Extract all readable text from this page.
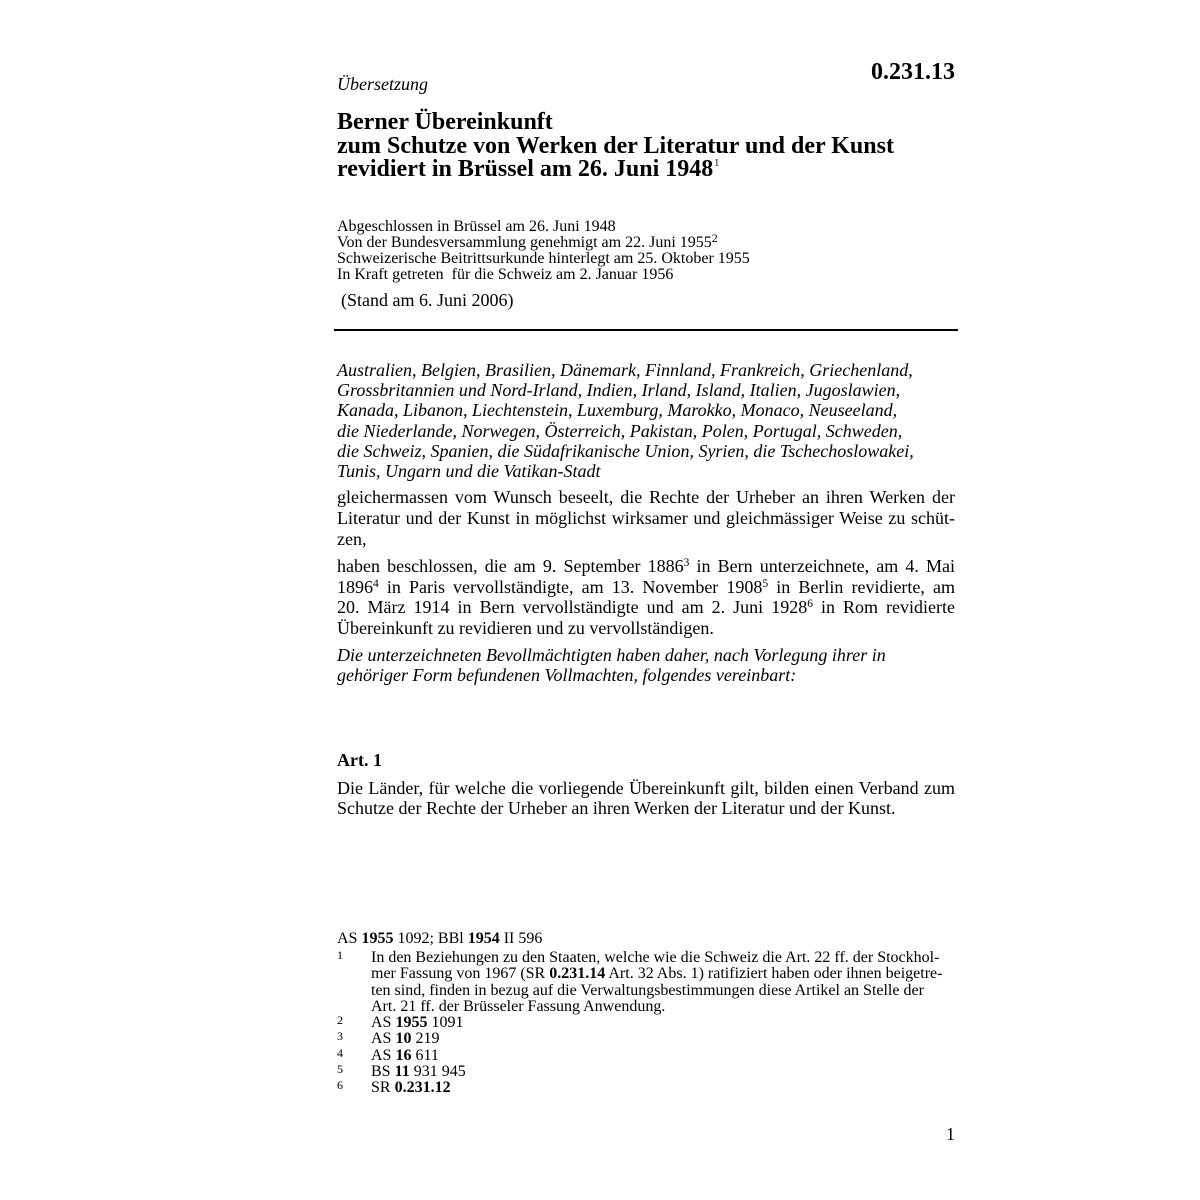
Übersetzung	0.231.13
Berner Übereinkunft
zum Schutze von Werken der Literatur und der Kunst
revidiert in Brüssel am 26. Juni 1948$^1$
Abgeschlossen in Brüssel am 26. Juni 1948
Von der Bundesversammlung genehmigt am 22. Juni 1955$^2$
Schweizerische Beitrittsurkunde hinterlegt am 25. Oktober 1955
In Kraft getreten  für die Schweiz am 2. Januar 1956
(Stand am 6. Juni 2006)
Australien, Belgien, Brasilien, Dänemark, Finnland, Frankreich, Griechenland,
Grossbritannien und Nord-Irland, Indien, Irland, Island, Italien, Jugoslawien,
Kanada, Libanon, Liechtenstein, Luxemburg, Marokko, Monaco, Neuseeland,
die Niederlande, Norwegen, Österreich, Pakistan, Polen, Portugal, Schweden,
die Schweiz, Spanien, die Südafrikanische Union, Syrien, die Tschechoslowakei,
Tunis, Ungarn und die Vatikan-Stadt
gleichermassen vom Wunsch beseelt, die Rechte der Urheber an ihren Werken der
Literatur und der Kunst in möglichst wirksamer und gleichmässiger Weise zu schüt-
zen,
haben beschlossen, die am 9. September 1886$^3$ in Bern unterzeichnete, am 4. Mai
1896$^4$ in Paris vervollständigte, am 13. November 1908$^5$ in Berlin revidierte, am
20. März 1914 in Bern vervollständigte und am 2. Juni 1928$^6$ in Rom revidierte
Übereinkunft zu revidieren und zu vervollständigen.
Die unterzeichneten Bevollmächtigten haben daher, nach Vorlegung ihrer in
gehöriger Form befundenen Vollmachten, folgendes vereinbart:
Art. 1
Die Länder, für welche die vorliegende Übereinkunft gilt, bilden einen Verband zum
Schutze der Rechte der Urheber an ihren Werken der Literatur und der Kunst.
AS 1955 1092; BBl 1954 II 596
1	In den Beziehungen zu den Staaten, welche wie die Schweiz die Art. 22 ff. der Stockhol-
mer Fassung von 1967 (SR 0.231.14 Art. 32 Abs. 1) ratifiziert haben oder ihnen beigetre-
ten sind, finden in bezug auf die Verwaltungsbestimmungen diese Artikel an Stelle der
Art. 21 ff. der Brüsseler Fassung Anwendung.
2	AS 1955 1091
3	AS 10 219
4	AS 16 611
5	BS 11 931 945
6	SR 0.231.12
1
